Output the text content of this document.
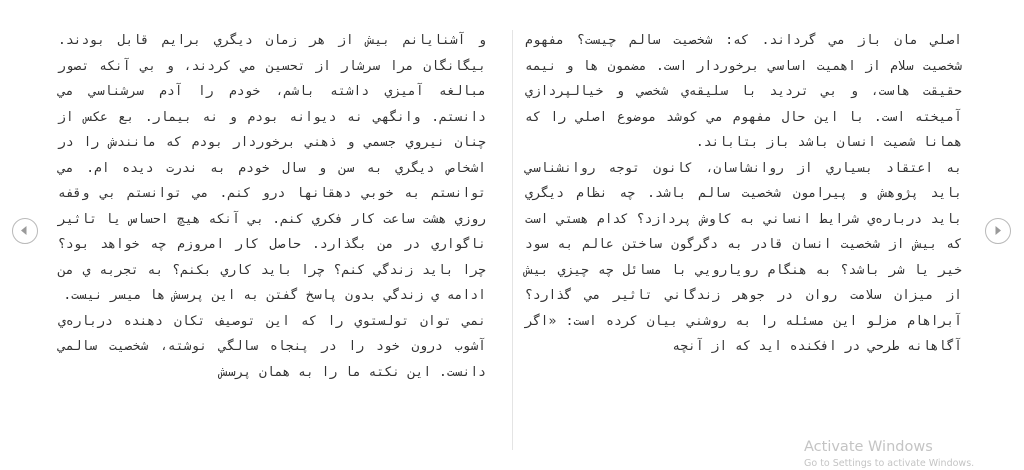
و آشنايانم بيش از هر زمان ديگري برايم قابل بودند. بيگانگان مرا سرشار از تحسين مي كردند، و بي آنكه تصور مبالغه آميزي داشته باشم، خودم را آدم سرشناسي مي دانستم. وانگهي نه ديوانه بودم و نه بيمار. بع عكس از چنان نيروي جسمي و ذهني برخوردار بودم كه مانندش را در اشخاص ديگري به سن و سال خودم به ندرت ديده ام. مي توانستم به خوبي دهقانها درو كنم. مي توانستم بي وقفه روزي هشت ساعت كار فكري كنم. بي آنكه هيچ احساس يا تاثير ناگواري در من بگذارد. حاصل كار امروزم چه خواهد بود؟ چرا بايد زندگي كنم؟ چرا بايد كاري بكنم؟ به تجربه ي من ادامه ي زندگي بدون پاسخ گفتن به اين پرسش ها ميسر نيست.

نمي توان تولستوي را كه اين توصيف تكان دهنده درباره‌ي آشوب درون خود را در پنجاه سالگي نوشته، شخصيت سالمي دانست. اين نكته ما را به همان پرسش

اصلي مان باز مي گرداند. كه: شخصيت سالم چيست؟ مفهوم شخصيت سلام از اهميت اساسي برخوردار است. مضمون ها و نيمه حقيقت هاست، و بي ترديد با سليقه‌ي شخصي و خيالپردازي آميخته است. با اين حال مفهوم مي كوشد موضوع اصلي را كه همانا شصيت انسان باشد باز بتاباند.

به اعتقاد بسياري از روانشاسان، كانون توجه روانشناسي بايد پژوهش و پيرامون شخصيت سالم باشد. چه نظام ديگري بايد درباره‌ي شرايط انساني به كاوش پردازد؟ كدام هستي است كه بيش از شخصيت انسان قادر به دگرگون ساختن عالم به سود خير يا شر باشد؟ به هنگام رويارويي با مسائل چه چيزي بيش از ميزان سلامت روان در جوهر زندگاني تاثير مي گذارد؟ آبراهام مزلو اين مسئله را به روشني بيان كرده است: «اگر آگاهانه طرحي در افكنده ايد كه از آنچه

Activate Windows
Go to Settings to activate Windows.
